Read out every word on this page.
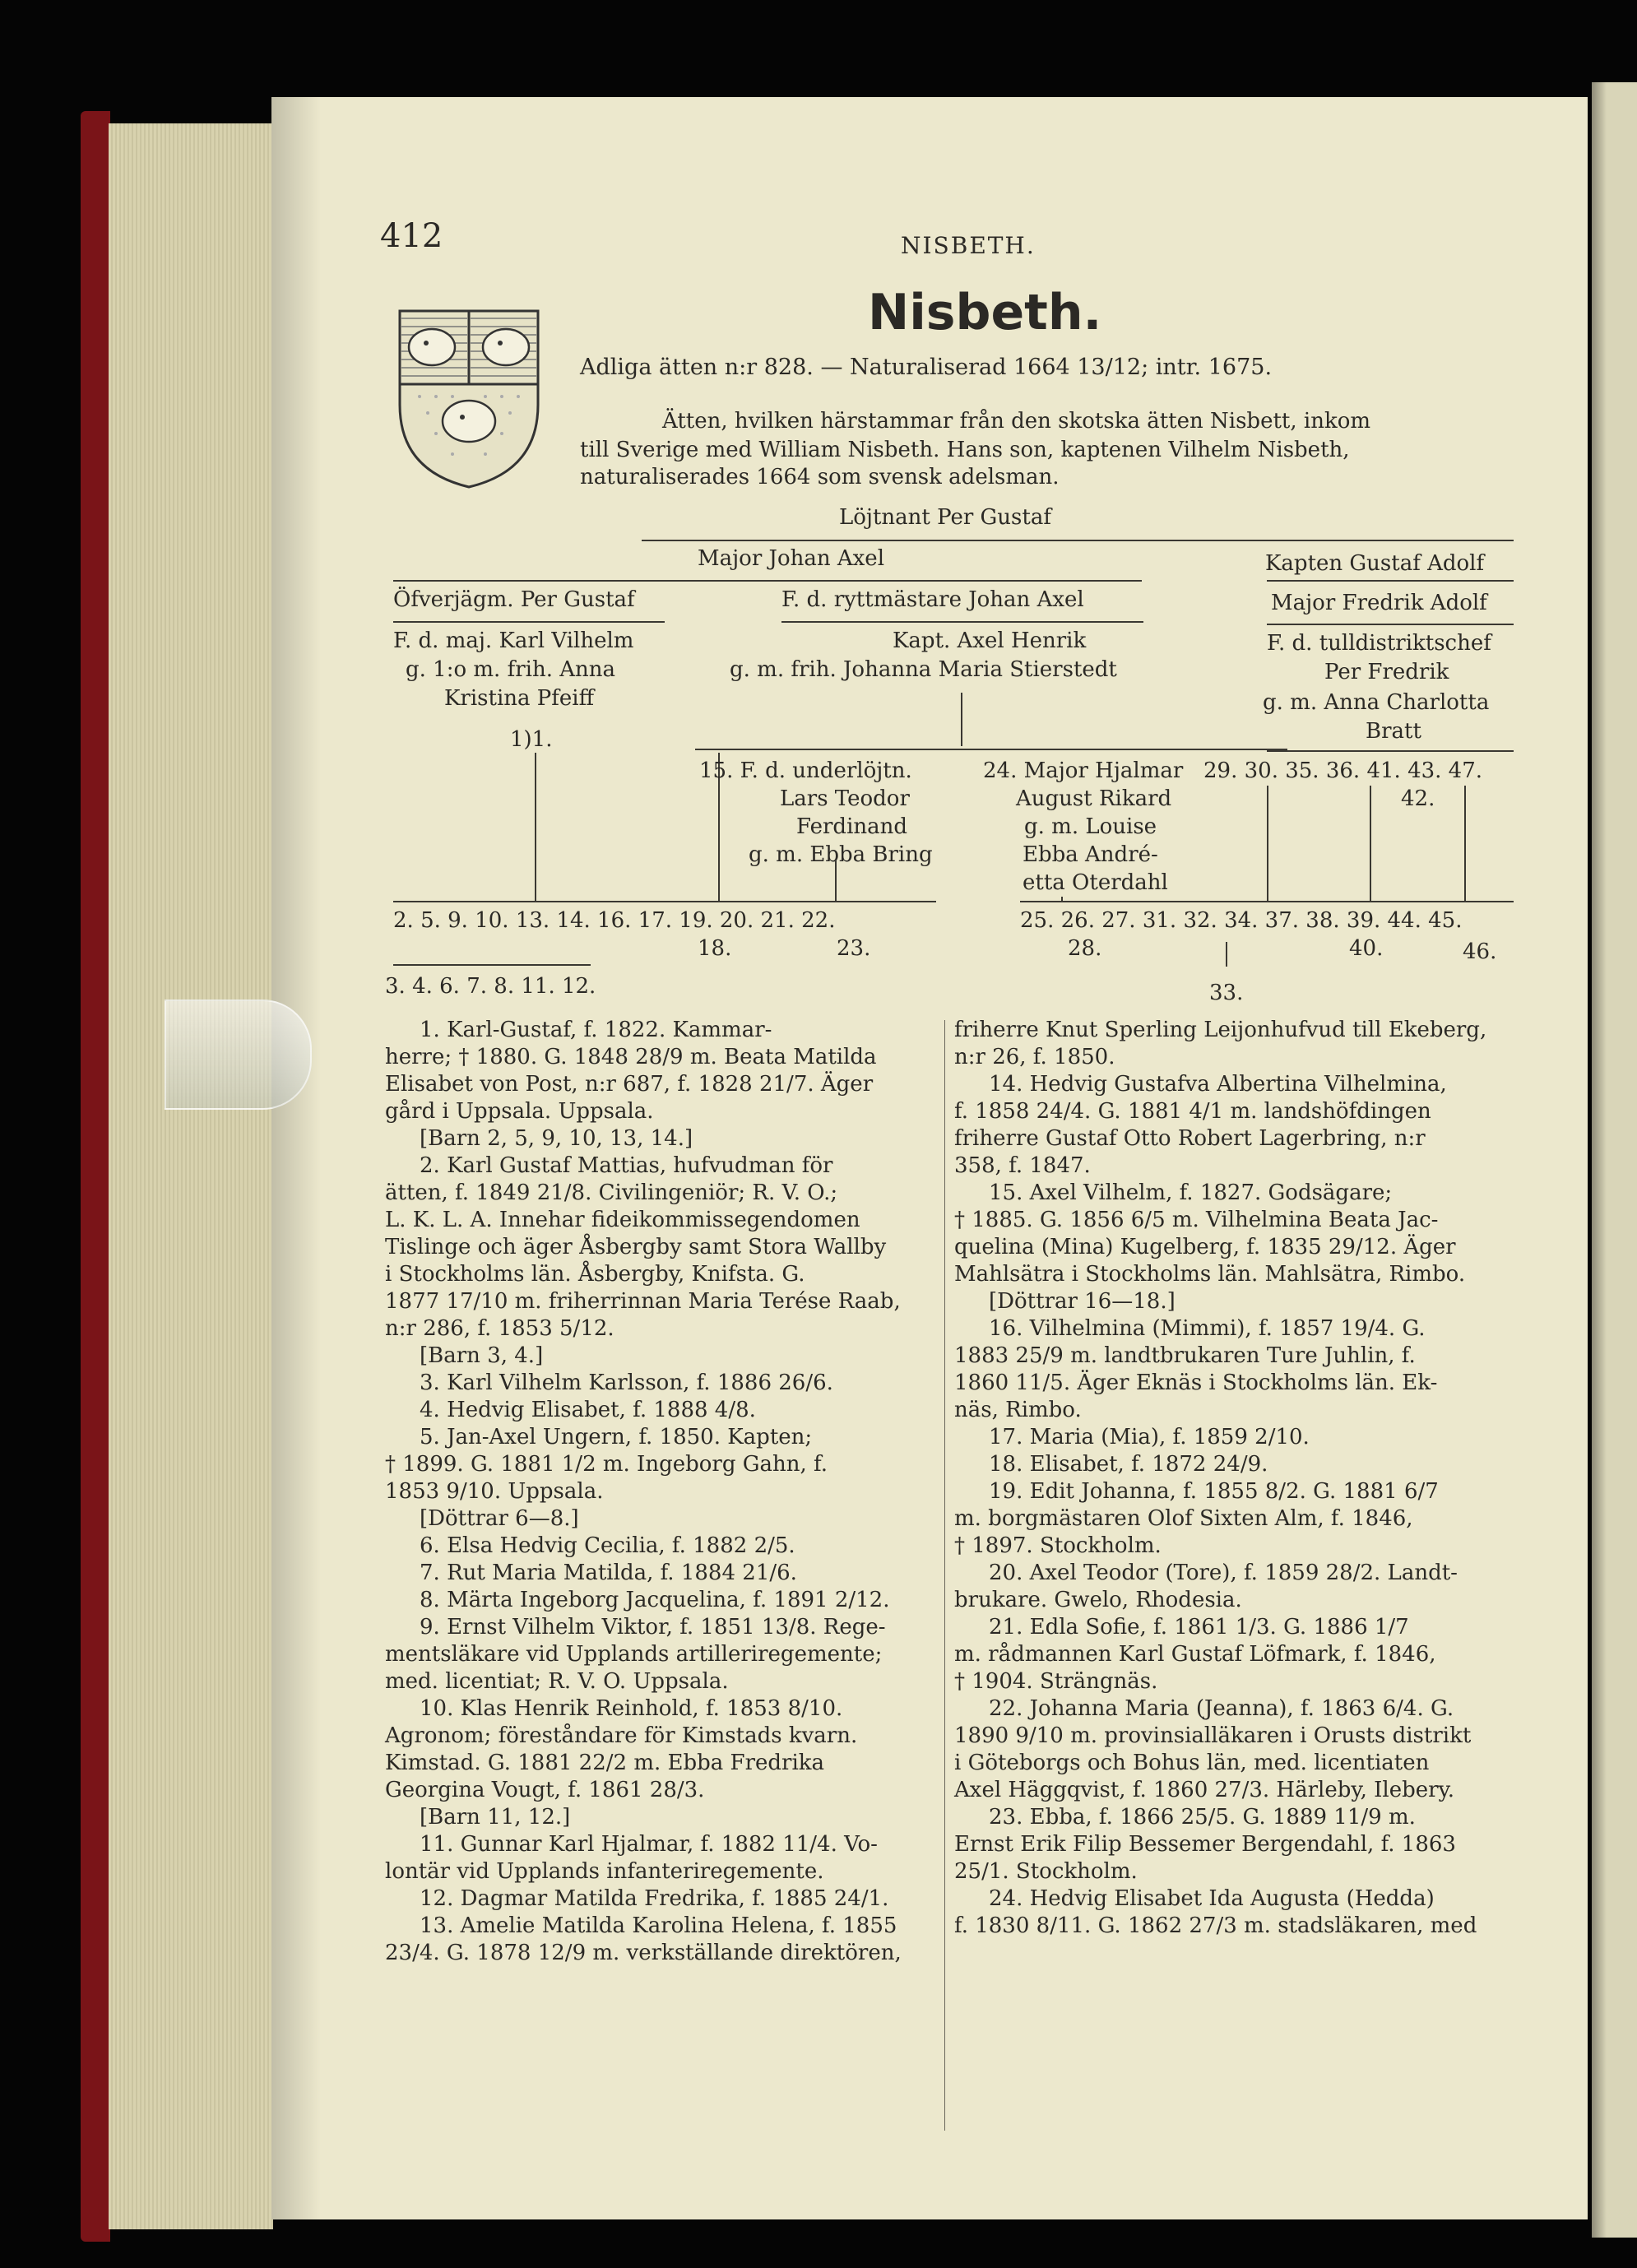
412	NISBETH.
Nisbeth.
Adliga ätten n:r 828. — Naturaliserad 1664 13/12; intr. 1675.
Ätten, hvilken härstammar från den skotska ätten Nisbett, inkom
till Sverige med William Nisbeth. Hans son, kaptenen Vilhelm Nisbeth,
naturaliserades 1664 som svensk adelsman.
Löjtnant Per Gustaf
Major Johan Axel	Kapten Gustaf Adolf
Öfverjägm. Per Gustaf	F. d. ryttmästare Johan Axel	Major Fredrik Adolf
F. d. maj. Karl Vilhelm
g. 1:o m. frih. Anna
Kristina Pfeiff
Kapt. Axel Henrik
g. m. frih. Johanna Maria Stierstedt
F. d. tulldistriktschef
Per Fredrik
g. m. Anna Charlotta
Bratt
1)1.
15. F. d. underlöjtn.
Lars Teodor
Ferdinand
g. m. Ebba Bring
24. Major Hjalmar
August Rikard
g. m. Louise
Ebba André-
etta Oterdahl
29. 30. 35. 36. 41. 43. 47.
42.
2. 5. 9. 10. 13. 14. 16. 17. 19. 20. 21. 22.
18.	23.
25. 26. 27. 31. 32. 34. 37. 38. 39. 44. 45.
28.	40.	46.
3. 4. 6. 7. 8. 11. 12.	33.

1. Karl-Gustaf, f. 1822. Kammar-

herre; † 1880. G. 1848 28/9 m. Beata Matilda

Elisabet von Post, n:r 687, f. 1828 21/7. Äger

gård i Uppsala. Uppsala.

[Barn 2, 5, 9, 10, 13, 14.]

2. Karl Gustaf Mattias, hufvudman för

ätten, f. 1849 21/8. Civilingeniör; R. V. O.;

L. K. L. A. Innehar fideikommissegendomen

Tislinge och äger Åsbergby samt Stora Wallby

i Stockholms län. Åsbergby, Knifsta. G.

1877 17/10 m. friherrinnan Maria Terése Raab,

n:r 286, f. 1853 5/12.

[Barn 3, 4.]

3. Karl Vilhelm Karlsson, f. 1886 26/6.

4. Hedvig Elisabet, f. 1888 4/8.

5. Jan-Axel Ungern, f. 1850. Kapten;

† 1899. G. 1881 1/2 m. Ingeborg Gahn, f.

1853 9/10. Uppsala.

[Döttrar 6—8.]

6. Elsa Hedvig Cecilia, f. 1882 2/5.

7. Rut Maria Matilda, f. 1884 21/6.

8. Märta Ingeborg Jacquelina, f. 1891 2/12.

9. Ernst Vilhelm Viktor, f. 1851 13/8. Rege-

mentsläkare vid Upplands artilleriregemente;

med. licentiat; R. V. O. Uppsala.

10. Klas Henrik Reinhold, f. 1853 8/10.

Agronom; föreståndare för Kimstads kvarn.

Kimstad. G. 1881 22/2 m. Ebba Fredrika

Georgina Vougt, f. 1861 28/3.

[Barn 11, 12.]

11. Gunnar Karl Hjalmar, f. 1882 11/4. Vo-

lontär vid Upplands infanteriregemente.

12. Dagmar Matilda Fredrika, f. 1885 24/1.

13. Amelie Matilda Karolina Helena, f. 1855

23/4. G. 1878 12/9 m. verkställande direktören,

friherre Knut Sperling Leijonhufvud till Ekeberg,

n:r 26, f. 1850.

14. Hedvig Gustafva Albertina Vilhelmina,

f. 1858 24/4. G. 1881 4/1 m. landshöfdingen

friherre Gustaf Otto Robert Lagerbring, n:r

358, f. 1847.

15. Axel Vilhelm, f. 1827. Godsägare;

† 1885. G. 1856 6/5 m. Vilhelmina Beata Jac-

quelina (Mina) Kugelberg, f. 1835 29/12. Äger

Mahlsätra i Stockholms län. Mahlsätra, Rimbo.

[Döttrar 16—18.]

16. Vilhelmina (Mimmi), f. 1857 19/4. G.

1883 25/9 m. landtbrukaren Ture Juhlin, f.

1860 11/5. Äger Eknäs i Stockholms län. Ek-

näs, Rimbo.

17. Maria (Mia), f. 1859 2/10.

18. Elisabet, f. 1872 24/9.

19. Edit Johanna, f. 1855 8/2. G. 1881 6/7

m. borgmästaren Olof Sixten Alm, f. 1846,

† 1897. Stockholm.

20. Axel Teodor (Tore), f. 1859 28/2. Landt-

brukare. Gwelo, Rhodesia.

21. Edla Sofie, f. 1861 1/3. G. 1886 1/7

m. rådmannen Karl Gustaf Löfmark, f. 1846,

† 1904. Strängnäs.

22. Johanna Maria (Jeanna), f. 1863 6/4. G.

1890 9/10 m. provinsialläkaren i Orusts distrikt

i Göteborgs och Bohus län, med. licentiaten

Axel Häggqvist, f. 1860 27/3. Härleby, Ilebery.

23. Ebba, f. 1866 25/5. G. 1889 11/9 m.

Ernst Erik Filip Bessemer Bergendahl, f. 1863

25/1. Stockholm.

24. Hedvig Elisabet Ida Augusta (Hedda)

f. 1830 8/11. G. 1862 27/3 m. stadsläkaren, med
